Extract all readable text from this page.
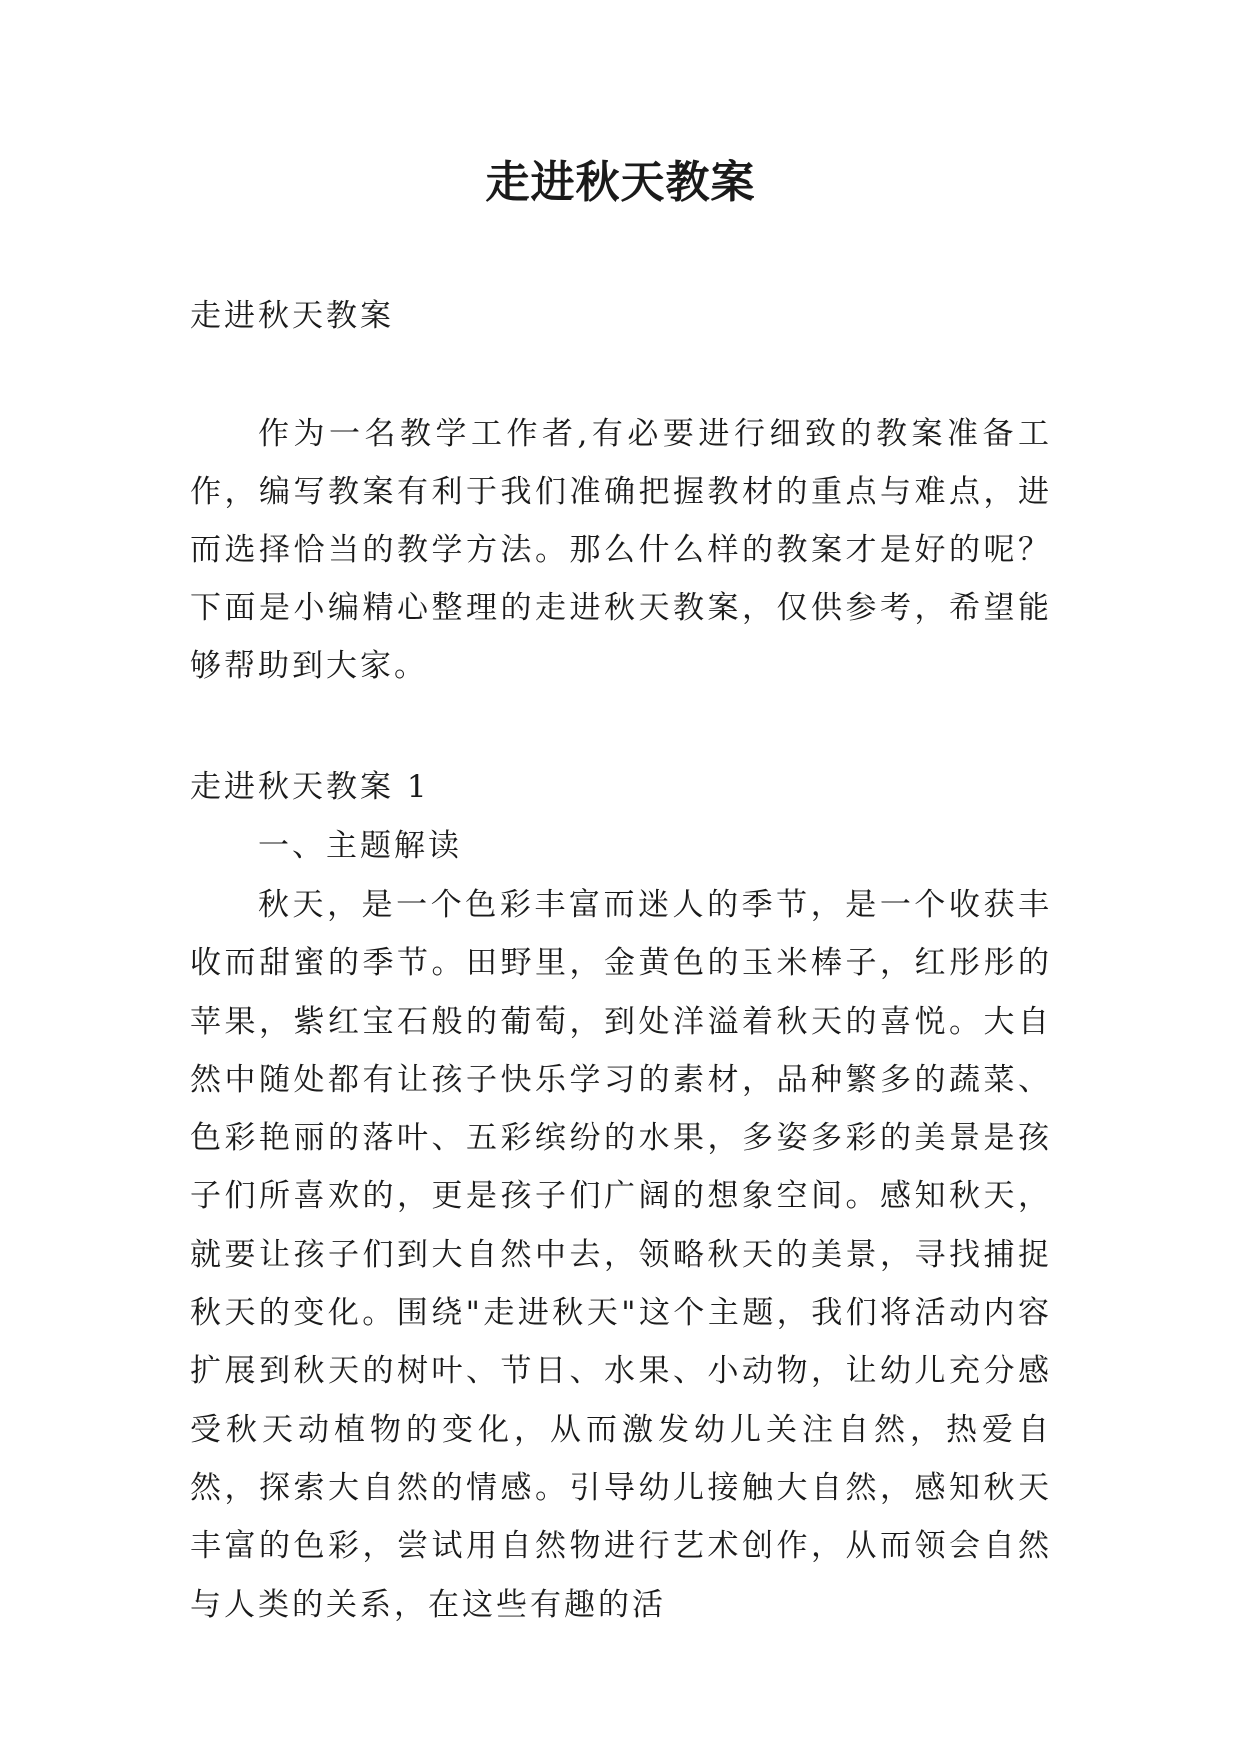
走进秋天教案
走进秋天教案

作为一名教学工作者,有必要进行细致的教案准备工作，编写教案有利于我们准确把握教材的重点与难点，进而选择恰当的教学方法。那么什么样的教案才是好的呢？下面是小编精心整理的走进秋天教案，仅供参考，希望能够帮助到大家。

走进秋天教案 1
一、主题解读

秋天，是一个色彩丰富而迷人的季节，是一个收获丰收而甜蜜的季节。田野里，金黄色的玉米棒子，红彤彤的苹果，紫红宝石般的葡萄，到处洋溢着秋天的喜悦。大自然中随处都有让孩子快乐学习的素材，品种繁多的蔬菜、色彩艳丽的落叶、五彩缤纷的水果，多姿多彩的美景是孩子们所喜欢的，更是孩子们广阔的想象空间。感知秋天，就要让孩子们到大自然中去，领略秋天的美景，寻找捕捉秋天的变化。围绕"走进秋天"这个主题，我们将活动内容扩展到秋天的树叶、节日、水果、小动物，让幼儿充分感受秋天动植物的变化，从而激发幼儿关注自然，热爱自然，探索大自然的情感。引导幼儿接触大自然，感知秋天丰富的色彩，尝试用自然物进行艺术创作，从而领会自然与人类的关系，在这些有趣的活
